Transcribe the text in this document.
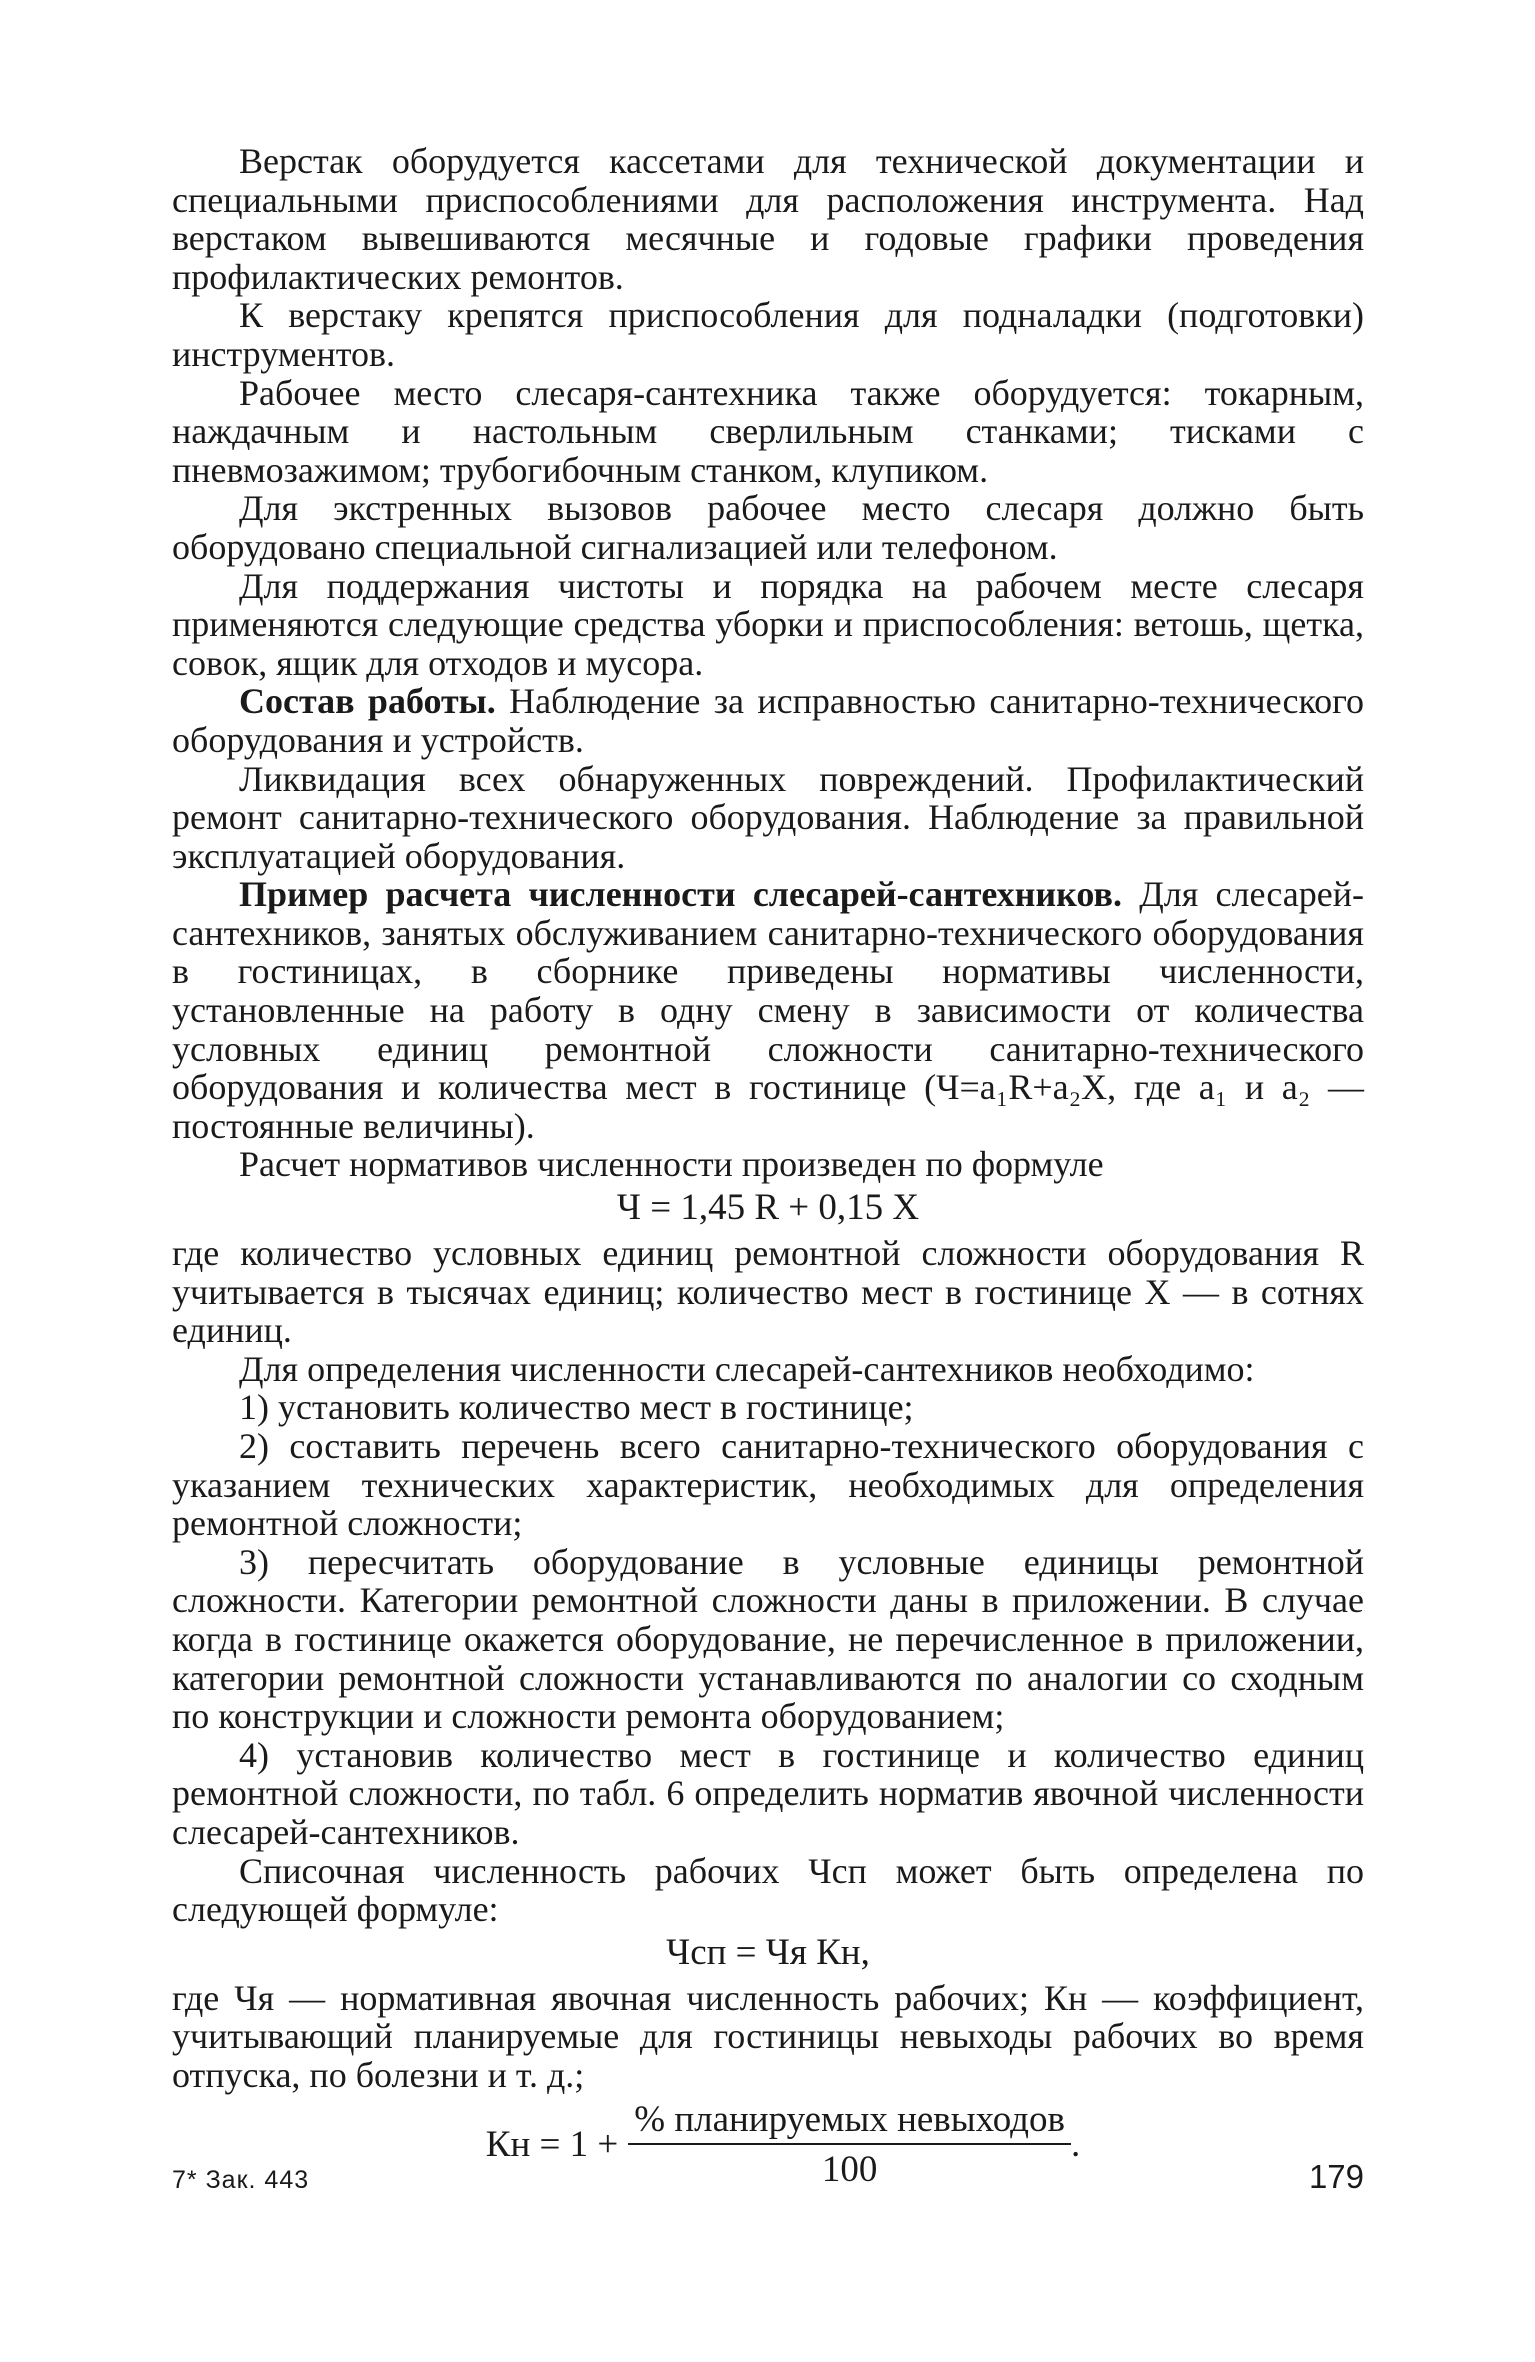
Верстак оборудуется кассетами для технической документации и специальными приспособлениями для расположения инструмента. Над верстаком вывешиваются месячные и годовые графики проведения профилактических ремонтов.

К верстаку крепятся приспособления для подналадки (подготовки) инструментов.

Рабочее место слесаря-сантехника также оборудуется: токарным, наждачным и настольным сверлильным станками; тисками с пневмозажимом; трубогибочным станком, клупиком.

Для экстренных вызовов рабочее место слесаря должно быть оборудовано специальной сигнализацией или телефоном.

Для поддержания чистоты и порядка на рабочем месте слесаря применяются следующие средства уборки и приспособления: ветошь, щетка, совок, ящик для отходов и мусора.

Состав работы. Наблюдение за исправностью санитарно-технического оборудования и устройств.

Ликвидация всех обнаруженных повреждений. Профилактический ремонт санитарно-технического оборудования. Наблюдение за правильной эксплуатацией оборудования.

Пример расчета численности слесарей-сантехников. Для слесарей-сантехников, занятых обслуживанием санитарно-технического оборудования в гостиницах, в сборнике приведены нормативы численности, установленные на работу в одну смену в зависимости от количества условных единиц ремонтной сложности санитарно-технического оборудования и количества мест в гостинице (Ч=a₁R+a₂X, где a₁ и a₂ — постоянные величины).

Расчет нормативов численности произведен по формуле

Ч = 1,45 R + 0,15 X

где количество условных единиц ремонтной сложности оборудования R учитывается в тысячах единиц; количество мест в гостинице X — в сотнях единиц.

Для определения численности слесарей-сантехников необходимо:

1) установить количество мест в гостинице;

2) составить перечень всего санитарно-технического оборудования с указанием технических характеристик, необходимых для определения ремонтной сложности;

3) пересчитать оборудование в условные единицы ремонтной сложности. Категории ремонтной сложности даны в приложении. В случае когда в гостинице окажется оборудование, не перечисленное в приложении, категории ремонтной сложности устанавливаются по аналогии со сходным по конструкции и сложности ремонта оборудованием;

4) установив количество мест в гостинице и количество единиц ремонтной сложности, по табл. 6 определить норматив явочной численности слесарей-сантехников.

Списочная численность рабочих Чсп может быть определена по следующей формуле:

Чсп = Чя Кн,

где Чя — нормативная явочная численность рабочих; Кн — коэффициент, учитывающий планируемые для гостиницы невыходы рабочих во время отпуска, по болезни и т. д.;

Кн = $1 + \frac{\text{\% планируемых невыходов}}{100}$ .
7* Зак. 443	179
